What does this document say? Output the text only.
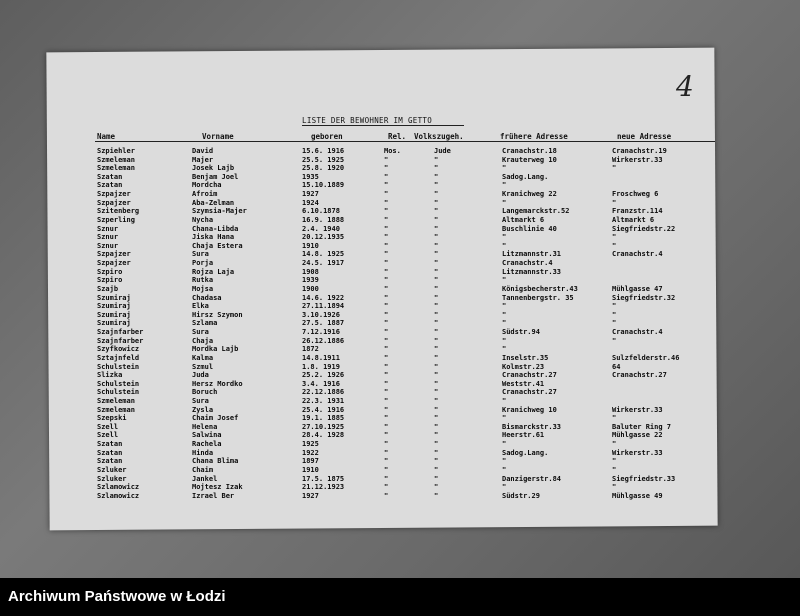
4
LISTE DER BEWOHNER IM GETTO
Name	Vorname	geboren	Rel. Volkszugeh.	frühere Adresse	neue Adresse
Szpiehler	David	15.6. 1916	Mos.	Jude	Cranachstr.18	Cranachstr.19
Szmeleman	Majer	25.5. 1925	"	"	Krauterweg 10	Wirkerstr.33
Szmeleman	Josek Lajb	25.8. 1920	"	"	"	"
Szatan	Benjam Joel	1935	"	"	Sadog.Lang.
Szatan	Mordcha	15.10.1889	"	"	"
Szpajzer	Afroim	1927	"	"	Kranichweg 22	Froschweg 6
Szpajzer	Aba-Zelman	1924	"	"	"	"
Szitenberg	Szymsia-Majer	6.10.1878	"	"	Langemarckstr.52	Franzstr.114
Szperling	Nycha	16.9. 1888	"	"	Altmarkt 6	Altmarkt 6
Sznur	Chana-Libda	2.4. 1940	"	"	Buschlinie 40	Siegfriedstr.22
Sznur	Jiska Hana	20.12.1935	"	"	"	"
Sznur	Chaja Estera	1910	"	"	"	"
Szpajzer	Sura	14.8. 1925	"	"	Litzmannstr.31	Cranachstr.4
Szpajzer	Porja	24.5. 1917	"	"	Cranachstr.4
Szpiro	Rojza Laja	1908	"	"	Litzmannstr.33
Szpiro	Rutka	1939	"	"	"
Szajb	Mojsa	1900	"	"	Königsbecherstr.43	Mühlgasse 47
Szumiraj	Chadasa	14.6. 1922	"	"	Tannenbergstr. 35	Siegfriedstr.32
Szumiraj	Elka	27.11.1894	"	"	"	"
Szumiraj	Hirsz Szymon	3.10.1926	"	"	"	"
Szumiraj	Szlama	27.5. 1887	"	"	"	"
Szajnfarber	Sura	7.12.1916	"	"	Südstr.94	Cranachstr.4
Szajnfarber	Chaja	26.12.1886	"	"	"	"
Szyfkowicz	Mordka Lajb	1872	"	"	"
Sztajnfeld	Kalma	14.8.1911	"	"	Inselstr.35	Sulzfelderstr.46
Schulstein	Szmul	1.8. 1919	"	"	Kolmstr.23	64
Slizka	Juda	25.2. 1926	"	"	Cranachstr.27	Cranachstr.27
Schulstein	Hersz Mordko	3.4. 1916	"	"	Weststr.41
Schulstein	Boruch	22.12.1886	"	"	Cranachstr.27
Szmeleman	Sura	22.3. 1931	"	"	"
Szmeleman	Zysla	25.4. 1916	"	"	Kranichweg 10	Wirkerstr.33
Szepski	Chaim Josef	19.1. 1885	"	"	"	"
Szell	Helena	27.10.1925	"	"	Bismarckstr.33	Baluter Ring 7
Szell	Salwina	28.4. 1928	"	"	Heerstr.61	Mühlgasse 22
Szatan	Rachela	1925	"	"	"	"
Szatan	Hinda	1922	"	"	Sadog.Lang.	Wirkerstr.33
Szatan	Chana Blima	1897	"	"	"	"
Szluker	Chaim	1910	"	"	"	"
Szluker	Jankel	17.5. 1875	"	"	Danzigerstr.84	Siegfriedstr.33
Szlamowicz	Mojtesz Izak	21.12.1923	"	"	"	"
Szlamowicz	Izrael Ber	1927	"	"	Südstr.29	Mühlgasse 49
Archiwum Państwowe w Łodzi
